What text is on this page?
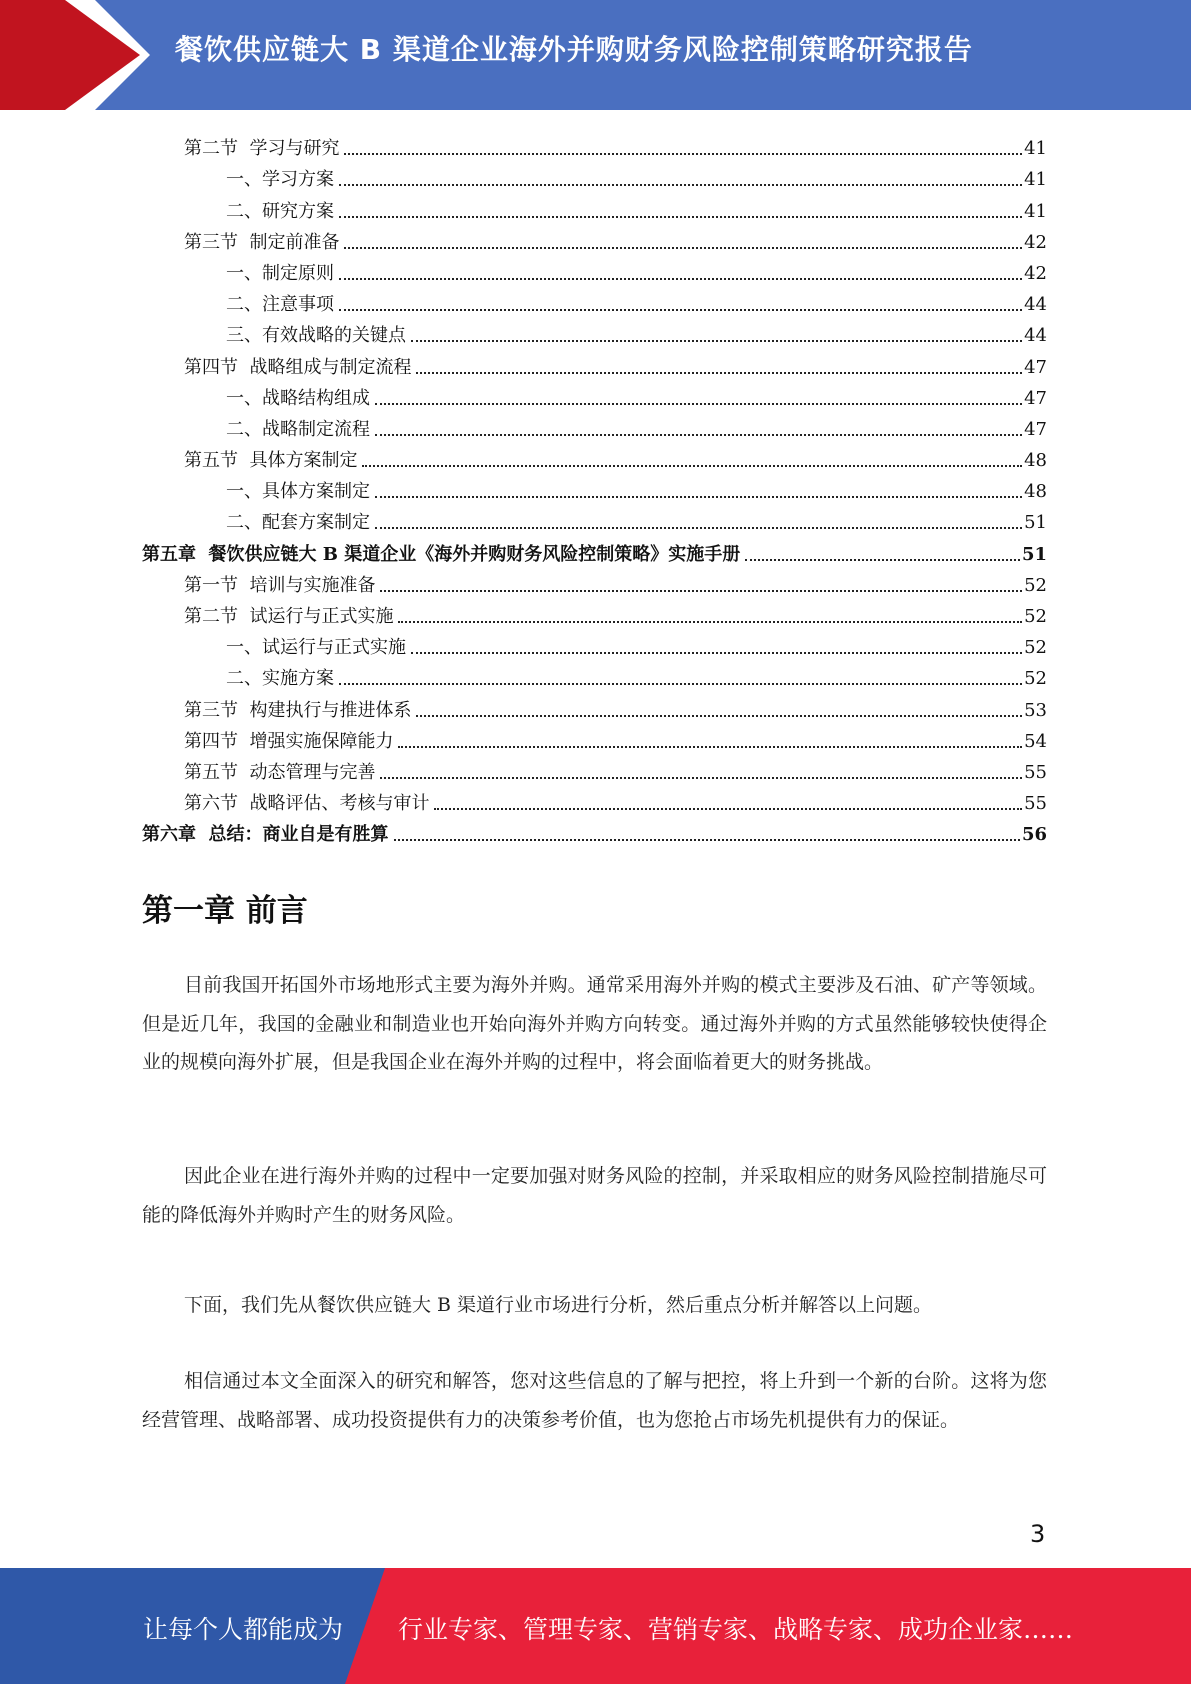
餐饮供应链大 B 渠道企业海外并购财务风险控制策略研究报告
第二节  学习与研究	41
一、学习方案	41
二、研究方案	41
第三节  制定前准备	42
一、制定原则	42
二、注意事项	44
三、有效战略的关键点	44
第四节  战略组成与制定流程	47
一、战略结构组成	47
二、战略制定流程	47
第五节  具体方案制定	48
一、具体方案制定	48
二、配套方案制定	51
第五章  餐饮供应链大 B 渠道企业《海外并购财务风险控制策略》实施手册	51
第一节  培训与实施准备	52
第二节  试运行与正式实施	52
一、试运行与正式实施	52
二、实施方案	52
第三节  构建执行与推进体系	53
第四节  增强实施保障能力	54
第五节  动态管理与完善	55
第六节  战略评估、考核与审计	55
第六章  总结：商业自是有胜算	56
第一章 前言

目前我国开拓国外市场地形式主要为海外并购。通常采用海外并购的模式主要涉及石油、矿产等领域。但是近几年，我国的金融业和制造业也开始向海外并购方向转变。通过海外并购的方式虽然能够较快使得企业的规模向海外扩展，但是我国企业在海外并购的过程中，将会面临着更大的财务挑战。

因此企业在进行海外并购的过程中一定要加强对财务风险的控制，并采取相应的财务风险控制措施尽可能的降低海外并购时产生的财务风险。

下面，我们先从餐饮供应链大 B 渠道行业市场进行分析，然后重点分析并解答以上问题。

相信通过本文全面深入的研究和解答，您对这些信息的了解与把控，将上升到一个新的台阶。这将为您经营管理、战略部署、成功投资提供有力的决策参考价值，也为您抢占市场先机提供有力的保证。

3
让每个人都能成为 行业专家、管理专家、营销专家、战略专家、成功企业家……
